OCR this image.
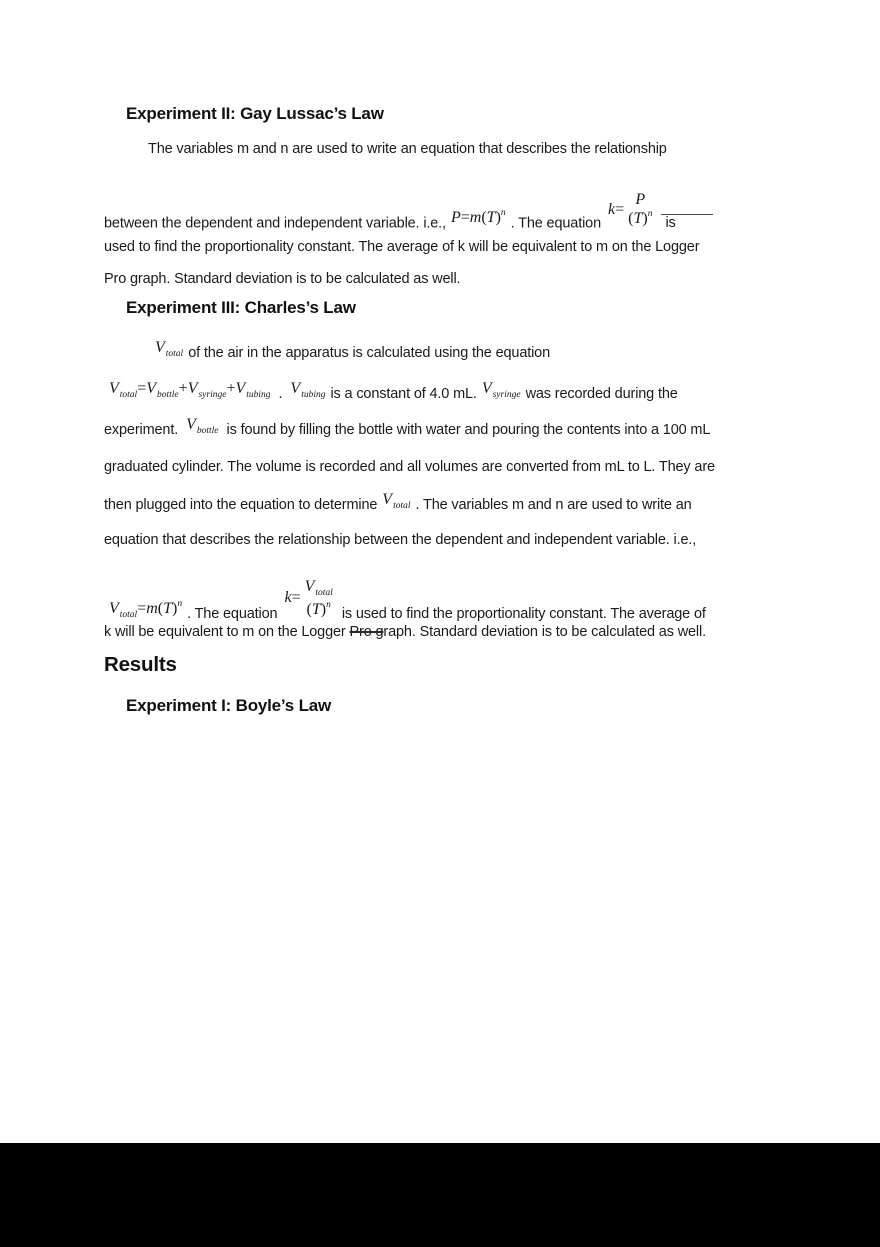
Experiment II: Gay Lussac’s Law
The variables m and n are used to write an equation that describes the relationship
between the dependent and independent variable. i.e., $P=m(T)^n$. The equation
k=
P
$(T)^n$
is
used to find the proportionality constant. The average of k will be equivalent to m on the Logger
Pro graph. Standard deviation is to be calculated as well.
Experiment III: Charles’s Law
$V_{total}$ of the air in the apparatus is calculated using the equation
$V_{total}=V_{bottle}+V_{syringe}+V_{tubing}$ . $V_{tubing}$ is a constant of 4.0 mL. $V_{syringe}$ was recorded during the
experiment. $V_{bottle}$ is found by filling the bottle with water and pouring the contents into a 100 mL
graduated cylinder. The volume is recorded and all volumes are converted from mL to L. They are
then plugged into the equation to determine $V_{total}$ . The variables m and n are used to write an
equation that describes the relationship between the dependent and independent variable. i.e.,
$V_{total}=m(T)^n$. The equation
k=
$V_{total}$
$(T)^n$
is used to find the proportionality constant. The average of
k will be equivalent to m on the Logger Pro graph. Standard deviation is to be calculated as well.
Results
Experiment I: Boyle’s Law
